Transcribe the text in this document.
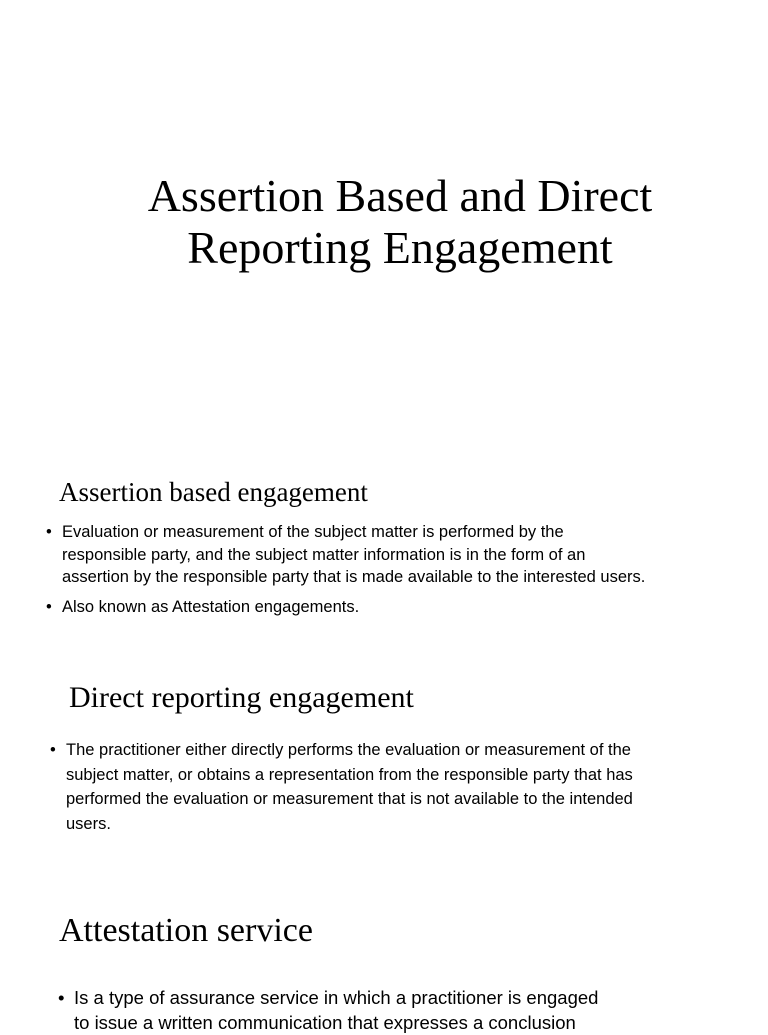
Assertion Based and Direct
Reporting Engagement
Assertion based engagement
• Evaluation or measurement of the subject matter is performed by the
responsible party, and the subject matter information is in the form of an
assertion by the responsible party that is made available to the interested users.
• Also known as Attestation engagements.
Direct reporting engagement
• The practitioner either directly performs the evaluation or measurement of the
subject matter, or obtains a representation from the responsible party that has
performed the evaluation or measurement that is not available to the intended
users.
Attestation service
• Is a type of assurance service in which a practitioner is engaged
to issue a written communication that expresses a conclusion
